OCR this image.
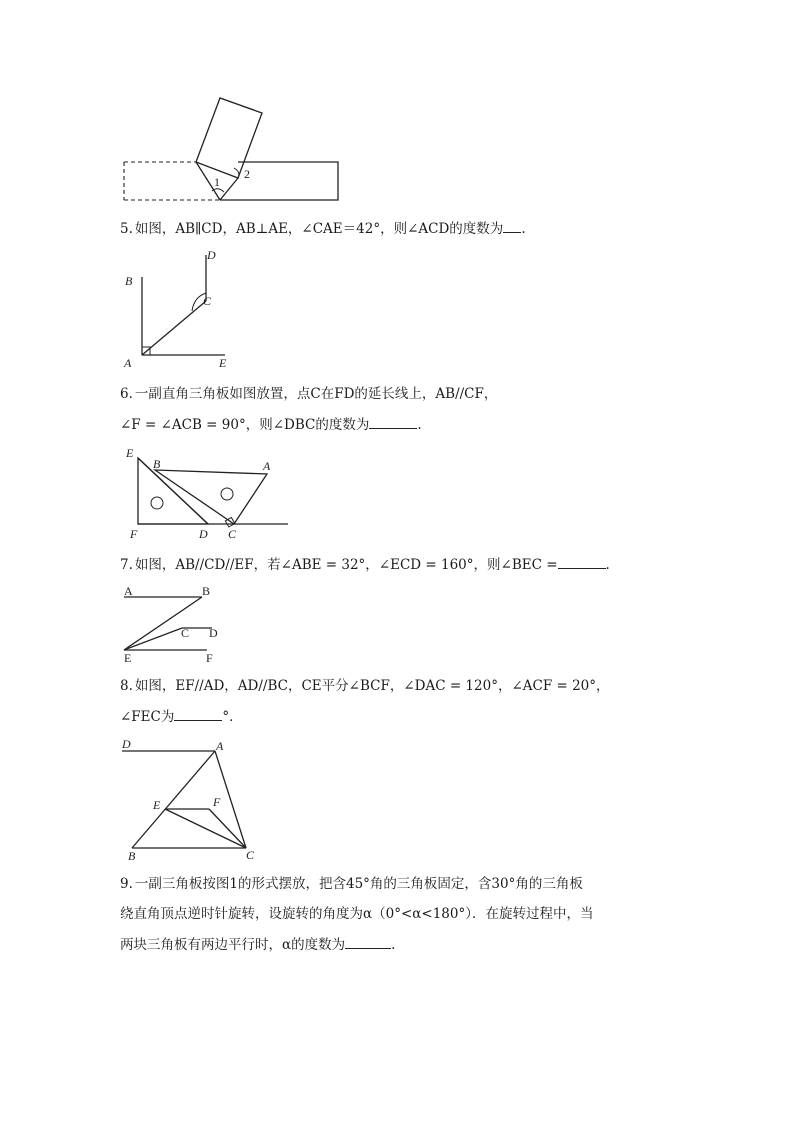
1
2
5. 如图，AB∥CD，AB⊥AE，∠CAE＝42°，则∠ACD的度数为 .
D
B
C
A	E
6. 一副直角三角板如图放置，点C在FD的延长线上，AB//CF，
∠F = ∠ACB = 90°，则∠DBC的度数为	.
E
B	A
F	D C
7. 如图，AB//CD//EF，若∠ABE = 32°，∠ECD = 160°，则∠BEC =	.
A	B
C D
E	F
8. 如图，EF//AD，AD//BC，CE平分∠BCF，∠DAC = 120°，∠ACF = 20°，
∠FEC为	°．
D	A
E	F
B	C
9. 一副三角板按图1的形式摆放，把含45°角的三角板固定，含30°角的三角板
绕直角顶点逆时针旋转，设旋转的角度为α（0°<α<180°）．在旋转过程中，当
两块三角板有两边平行时，α的度数为	.
